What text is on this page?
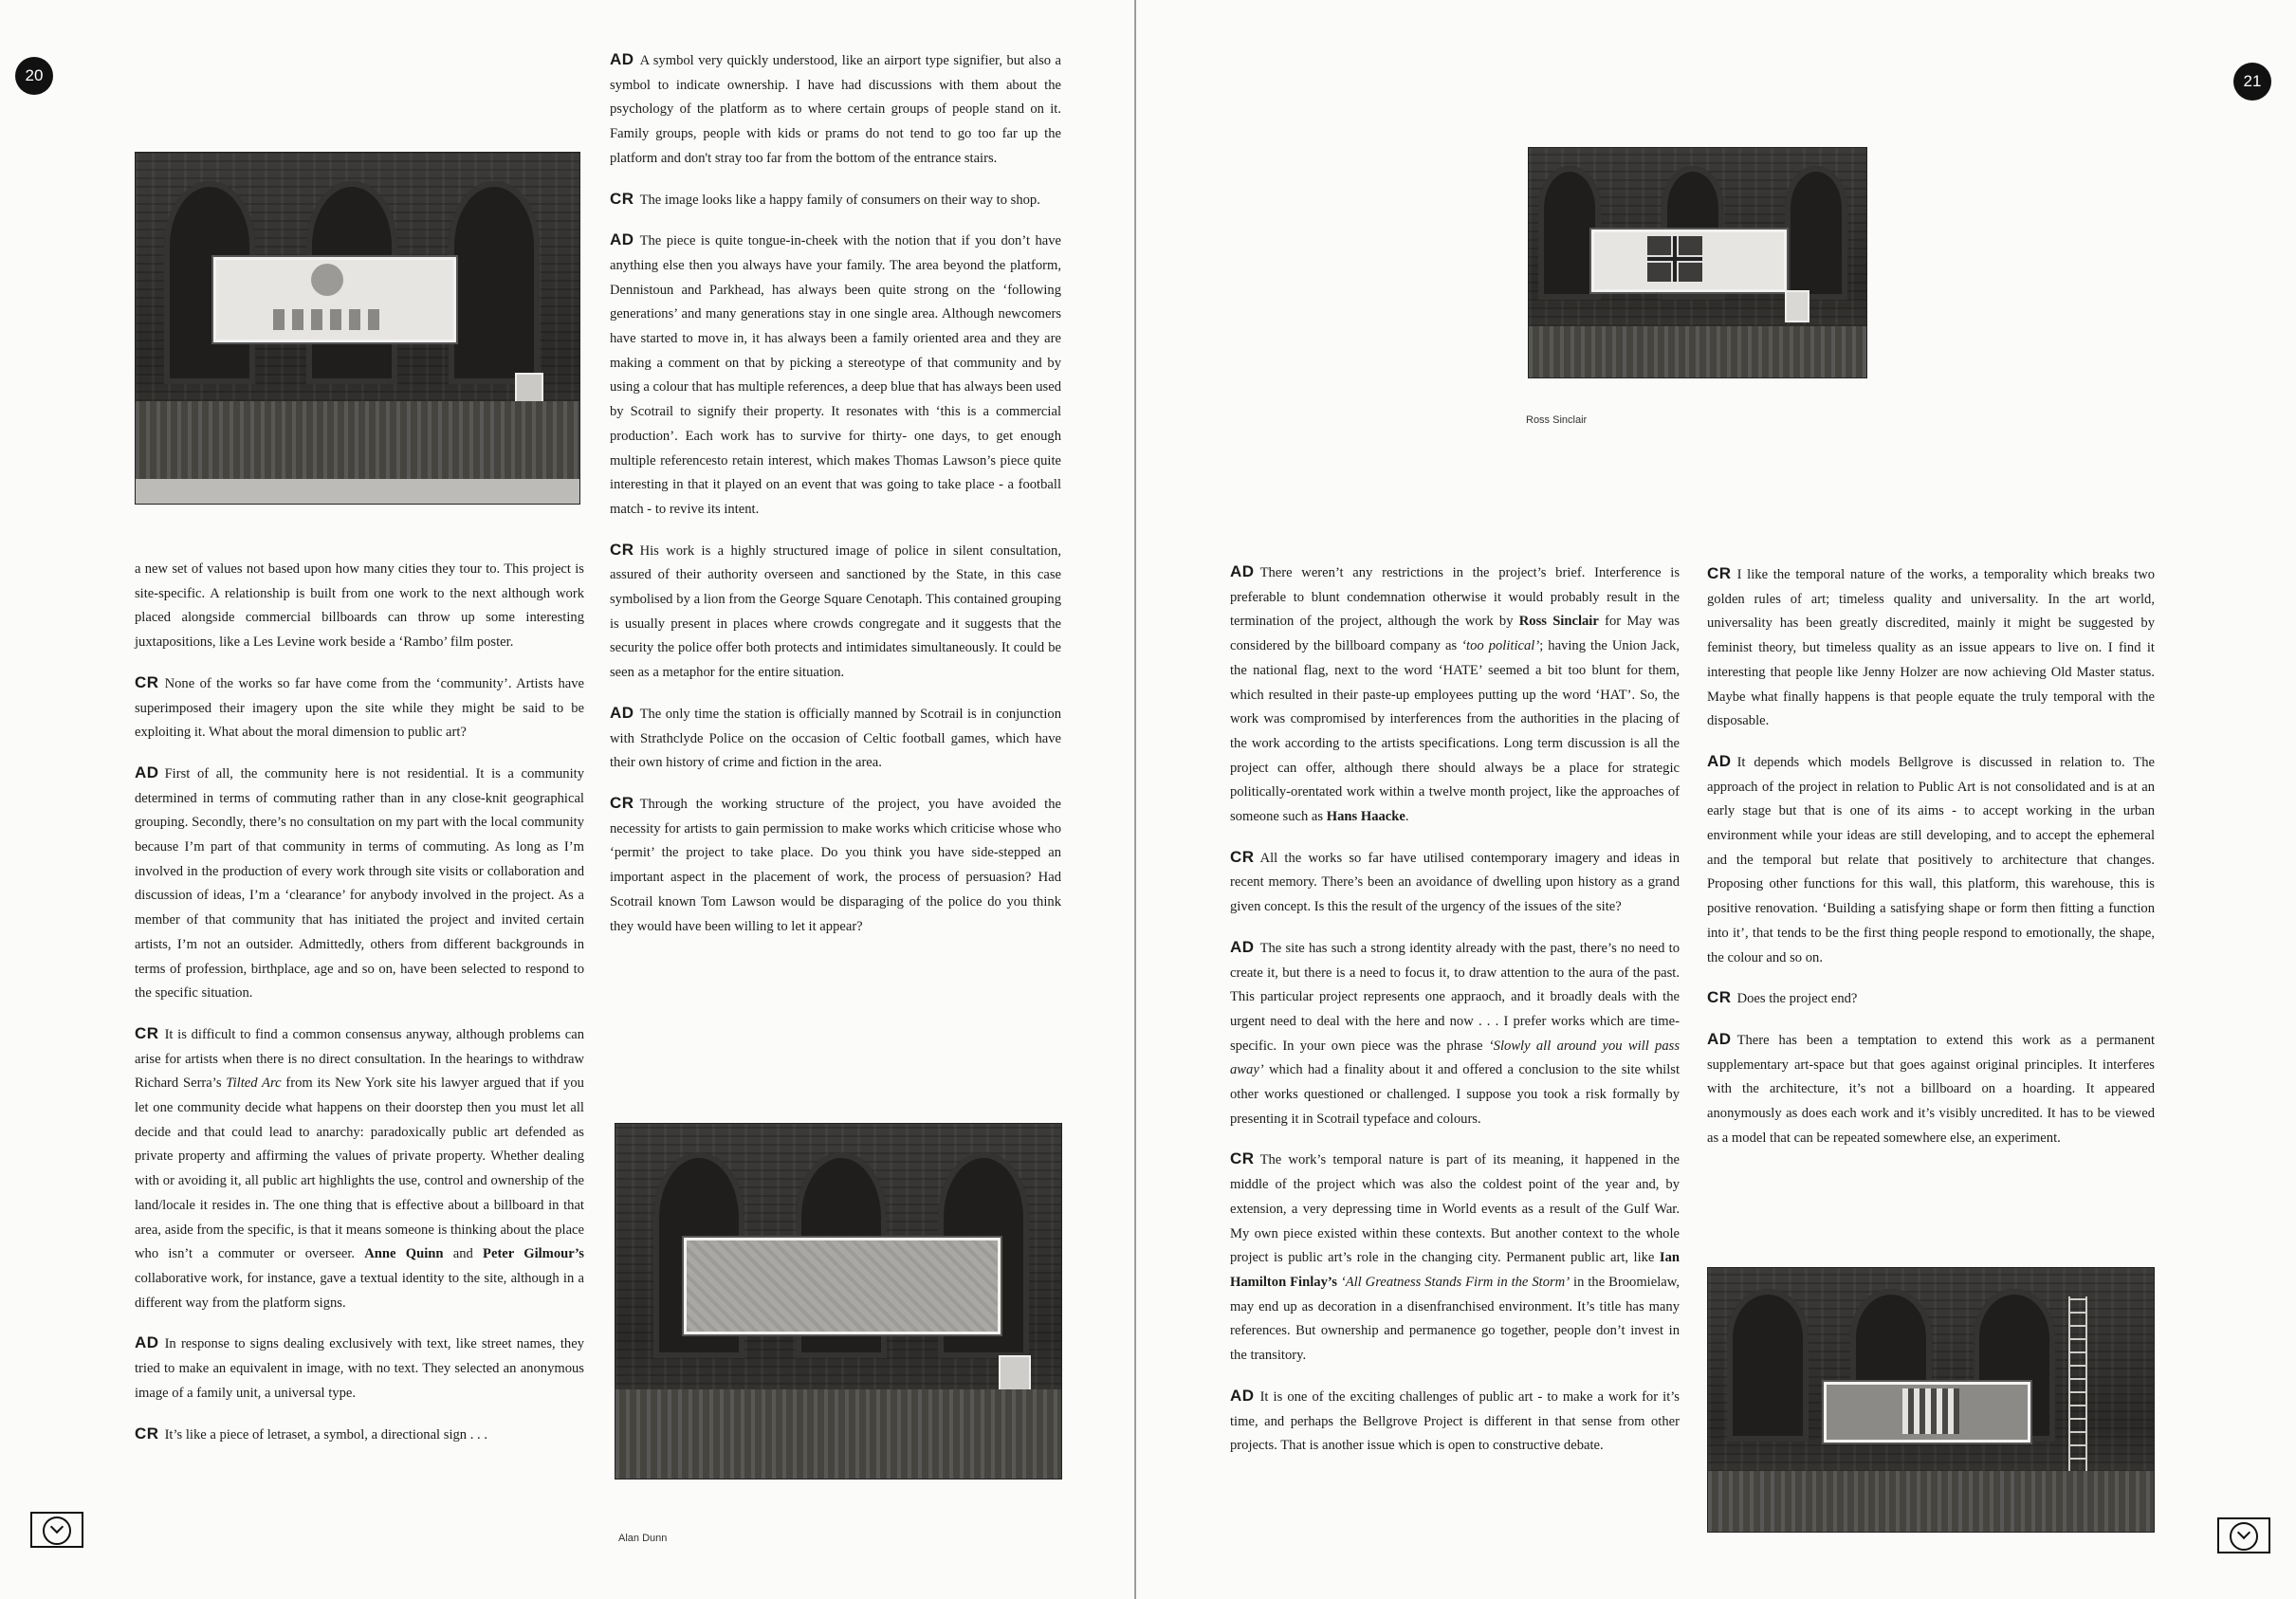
20

a new set of values not based upon how many cities they tour to. This project is site-specific. A relationship is built from one work to the next although work placed alongside commercial billboards can throw up some interesting juxtapositions, like a Les Levine work beside a ‘Rambo’ film poster.

CR None of the works so far have come from the ‘community’. Artists have superimposed their imagery upon the site while they might be said to be exploiting it. What about the moral dimension to public art?

AD First of all, the community here is not residential. It is a community determined in terms of commuting rather than in any close-knit geographical grouping. Secondly, there’s no consultation on my part with the local community because I’m part of that community in terms of commuting. As long as I’m involved in the production of every work through site visits or collaboration and discussion of ideas, I’m a ‘clearance’ for anybody involved in the project. As a member of that community that has initiated the project and invited certain artists, I’m not an outsider. Admittedly, others from different backgrounds in terms of profession, birthplace, age and so on, have been selected to respond to the specific situation.

CR It is difficult to find a common consensus anyway, although problems can arise for artists when there is no direct consultation. In the hearings to withdraw Richard Serra’s Tilted Arc from its New York site his lawyer argued that if you let one community decide what happens on their doorstep then you must let all decide and that could lead to anarchy: paradoxically public art defended as private property and affirming the values of private property. Whether dealing with or avoiding it, all public art highlights the use, control and ownership of the land/locale it resides in. The one thing that is effective about a billboard in that area, aside from the specific, is that it means someone is thinking about the place who isn’t a commuter or overseer. Anne Quinn and Peter Gilmour’s collaborative work, for instance, gave a textual identity to the site, although in a different way from the platform signs.

AD In response to signs dealing exclusively with text, like street names, they tried to make an equivalent in image, with no text. They selected an anonymous image of a family unit, a universal type.

CR It’s like a piece of letraset, a symbol, a directional sign . . .

AD A symbol very quickly understood, like an airport type signifier, but also a symbol to indicate ownership. I have had discussions with them about the psychology of the platform as to where certain groups of people stand on it. Family groups, people with kids or prams do not tend to go too far up the platform and don't stray too far from the bottom of the entrance stairs.

CR The image looks like a happy family of consumers on their way to shop.

AD The piece is quite tongue-in-cheek with the notion that if you don’t have anything else then you always have your family. The area beyond the platform, Dennistoun and Parkhead, has always been quite strong on the ‘following generations’ and many generations stay in one single area. Although newcomers have started to move in, it has always been a family oriented area and they are making a comment on that by picking a stereotype of that community and by using a colour that has multiple references, a deep blue that has always been used by Scotrail to signify their property. It resonates with ‘this is a commercial production’. Each work has to survive for thirty- one days, to get enough multiple referencesto retain interest, which makes Thomas Lawson’s piece quite interesting in that it played on an event that was going to take place - a football match - to revive its intent.

CR His work is a highly structured image of police in silent consultation, assured of their authority overseen and sanctioned by the State, in this case symbolised by a lion from the George Square Cenotaph. This contained grouping is usually present in places where crowds congregate and it suggests that the security the police offer both protects and intimidates simultaneously. It could be seen as a metaphor for the entire situation.

AD The only time the station is officially manned by Scotrail is in conjunction with Strathclyde Police on the occasion of Celtic football games, which have their own history of crime and fiction in the area.

CR Through the working structure of the project, you have avoided the necessity for artists to gain permission to make works which criticise whose who ‘permit’ the project to take place. Do you think you have side-stepped an important aspect in the placement of work, the process of persuasion? Had Scotrail known Tom Lawson would be disparaging of the police do you think they would have been willing to let it appear?

Alan Dunn
21
Ross Sinclair

AD There weren’t any restrictions in the project’s brief. Interference is preferable to blunt condemnation otherwise it would probably result in the termination of the project, although the work by Ross Sinclair for May was considered by the billboard company as ‘too political’; having the Union Jack, the national flag, next to the word ‘HATE’ seemed a bit too blunt for them, which resulted in their paste-up employees putting up the word ‘HAT’. So, the work was compromised by interferences from the authorities in the placing of the work according to the artists specifications. Long term discussion is all the project can offer, although there should always be a place for strategic politically-orentated work within a twelve month project, like the approaches of someone such as Hans Haacke.

CR All the works so far have utilised contemporary imagery and ideas in recent memory. There’s been an avoidance of dwelling upon history as a grand given concept. Is this the result of the urgency of the issues of the site?

AD The site has such a strong identity already with the past, there’s no need to create it, but there is a need to focus it, to draw attention to the aura of the past. This particular project represents one appraoch, and it broadly deals with the urgent need to deal with the here and now . . . I prefer works which are time-specific. In your own piece was the phrase ‘Slowly all around you will pass away’ which had a finality about it and offered a conclusion to the site whilst other works questioned or challenged. I suppose you took a risk formally by presenting it in Scotrail typeface and colours.

CR The work’s temporal nature is part of its meaning, it happened in the middle of the project which was also the coldest point of the year and, by extension, a very depressing time in World events as a result of the Gulf War. My own piece existed within these contexts. But another context to the whole project is public art’s role in the changing city. Permanent public art, like Ian Hamilton Finlay’s ‘All Greatness Stands Firm in the Storm’ in the Broomielaw, may end up as decoration in a disenfranchised environment. It’s title has many references. But ownership and permanence go together, people don’t invest in the transitory.

AD It is one of the exciting challenges of public art - to make a work for it’s time, and perhaps the Bellgrove Project is different in that sense from other projects. That is another issue which is open to constructive debate.

CR I like the temporal nature of the works, a temporality which breaks two golden rules of art; timeless quality and universality. In the art world, universality has been greatly discredited, mainly it might be suggested by feminist theory, but timeless quality as an issue appears to live on. I find it interesting that people like Jenny Holzer are now achieving Old Master status. Maybe what finally happens is that people equate the truly temporal with the disposable.

AD It depends which models Bellgrove is discussed in relation to. The approach of the project in relation to Public Art is not consolidated and is at an early stage but that is one of its aims - to accept working in the urban environment while your ideas are still developing, and to accept the ephemeral and the temporal but relate that positively to architecture that changes. Proposing other functions for this wall, this platform, this warehouse, this is positive renovation. ‘Building a satisfying shape or form then fitting a function into it’, that tends to be the first thing people respond to emotionally, the shape, the colour and so on.

CR Does the project end?

AD There has been a temptation to extend this work as a permanent supplementary art-space but that goes against original principles. It interferes with the architecture, it’s not a billboard on a hoarding. It appeared anonymously as does each work and it’s visibly uncredited. It has to be viewed as a model that can be repeated somewhere else, an experiment.
